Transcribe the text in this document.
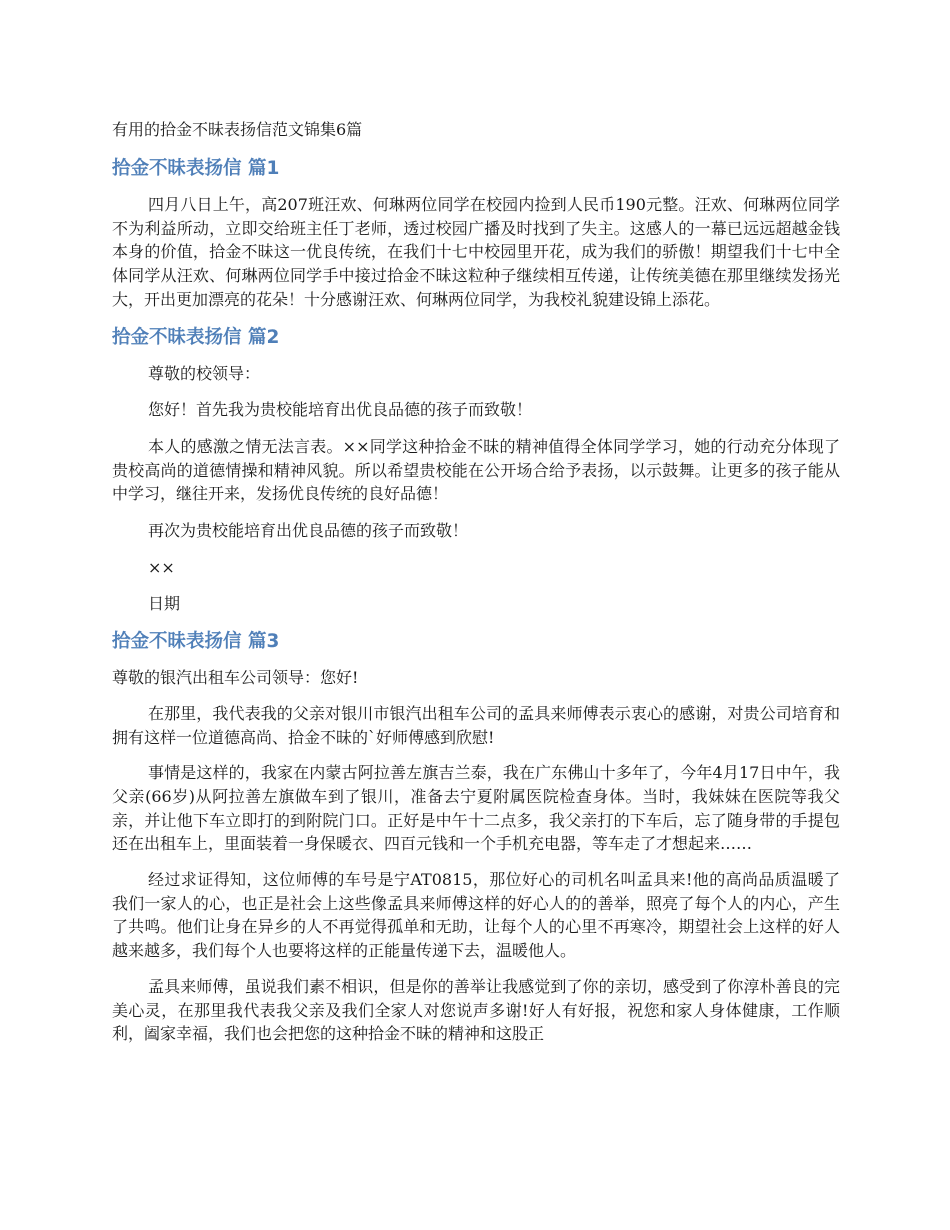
有用的拾金不昧表扬信范文锦集6篇
拾金不昧表扬信 篇1

四月八日上午，高207班汪欢、何琳两位同学在校园内捡到人民币190元整。汪欢、何琳两位同学不为利益所动，立即交给班主任丁老师，透过校园广播及时找到了失主。这感人的一幕已远远超越金钱本身的价值，拾金不昧这一优良传统，在我们十七中校园里开花，成为我们的骄傲！期望我们十七中全体同学从汪欢、何琳两位同学手中接过拾金不昧这粒种子继续相互传递，让传统美德在那里继续发扬光大，开出更加漂亮的花朵！十分感谢汪欢、何琳两位同学，为我校礼貌建设锦上添花。

拾金不昧表扬信 篇2

尊敬的校领导：

您好！首先我为贵校能培育出优良品德的孩子而致敬！

本人的感激之情无法言表。××同学这种拾金不昧的精神值得全体同学学习，她的行动充分体现了贵校高尚的道德情操和精神风貌。所以希望贵校能在公开场合给予表扬，以示鼓舞。让更多的孩子能从中学习，继往开来，发扬优良传统的良好品德！

再次为贵校能培育出优良品德的孩子而致敬！

××

日期

拾金不昧表扬信 篇3

尊敬的银汽出租车公司领导：您好!

在那里，我代表我的父亲对银川市银汽出租车公司的孟具来师傅表示衷心的感谢，对贵公司培育和拥有这样一位道德高尚、拾金不昧的`好师傅感到欣慰!

事情是这样的，我家在内蒙古阿拉善左旗吉兰泰，我在广东佛山十多年了，今年4月17日中午，我父亲(66岁)从阿拉善左旗做车到了银川，准备去宁夏附属医院检查身体。当时，我妹妹在医院等我父亲，并让他下车立即打的到附院门口。正好是中午十二点多，我父亲打的下车后，忘了随身带的手提包还在出租车上，里面装着一身保暖衣、四百元钱和一个手机充电器，等车走了才想起来……

经过求证得知，这位师傅的车号是宁AT0815，那位好心的司机名叫孟具来!他的高尚品质温暖了我们一家人的心，也正是社会上这些像孟具来师傅这样的好心人的的善举，照亮了每个人的内心，产生了共鸣。他们让身在异乡的人不再觉得孤单和无助，让每个人的心里不再寒冷，期望社会上这样的好人越来越多，我们每个人也要将这样的正能量传递下去，温暖他人。

孟具来师傅，虽说我们素不相识，但是你的善举让我感觉到了你的亲切，感受到了你淳朴善良的完美心灵，在那里我代表我父亲及我们全家人对您说声多谢!好人有好报，祝您和家人身体健康，工作顺利，阖家幸福，我们也会把您的这种拾金不昧的精神和这股正
